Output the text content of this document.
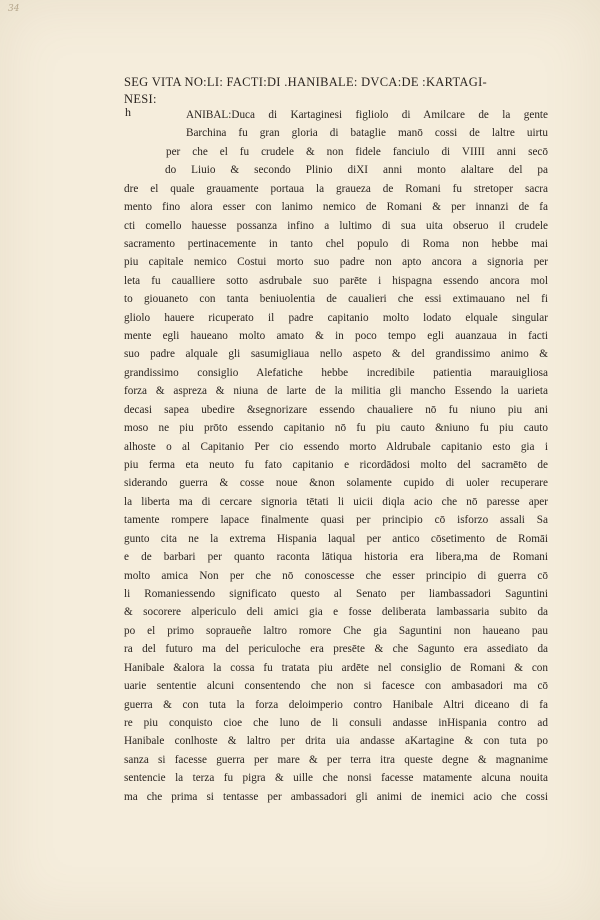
34
SEG VITA NO:LI: FACTI:DI .HANIBALE: DVCA:DE :KARTAGI-
NESI:
h	ANIBAL:Duca di Kartaginesi figliolo di Amilcare de la gente
Barchina fu gran gloria di bataglie manō cossi de laltre uirtu
per che el fu crudele & non fidele fanciulo di VIIII anni secō
do Liuio & secondo Plinio diXI anni monto alaltare del pa
dre el quale grauamente portaua la graueza de Romani fu stretoper sacra
mento fino alora esser con lanimo nemico de Romani & per innanzi de fa
cti comello hauesse possanza infino a lultimo di sua uita obseruo il crudele
sacramento pertinacemente in tanto chel populo di Roma non hebbe mai
piu capitale nemico Costui morto suo padre non apto ancora a signoria per
leta fu caualliere sotto asdrubale suo parēte i hispagna essendo ancora mol
to giouaneto con tanta beniuolentia de caualieri che essi extimauano nel fi
gliolo hauere ricuperato il padre capitanio molto lodato elquale singular
mente egli haueano molto amato & in poco tempo egli auanzaua in facti
suo padre alquale gli sasumigliaua nello aspeto & del grandissimo animo &
grandissimo consiglio Alefatiche hebbe incredibile patientia marauigliosa
forza & aspreza & niuna de larte de la militia gli mancho Essendo la uarieta
decasi sapea ubedire &segnorizare essendo chaualiere nō fu niuno piu ani
moso ne piu prōto essendo capitanio nō fu piu cauto &niuno fu piu cauto
alhoste o al Capitanio Per cio essendo morto Aldrubale capitanio esto gia i
piu ferma eta neuto fu fato capitanio e ricordādosi molto del sacramēto de
siderando guerra & cosse noue &non solamente cupido di uoler recuperare
la liberta ma di cercare signoria tētati li uicii diqla acio che nō paresse aper
tamente rompere lapace finalmente quasi per principio cō isforzo assali Sa
gunto cita ne la extrema Hispania laqual per antico cōsetimento de Romāi
e de barbari per quanto raconta lātiqua historia era libera,ma de Romani
molto amica Non per che nō conoscesse che esser principio di guerra cō
li Romaniessendo significato questo al Senato per liambassadori Saguntini
& socorere alpericulo deli amici gia e fosse deliberata lambassaria subito da
po el primo sopraueñe laltro romore Che gia Saguntini non haueano pau
ra del futuro ma del periculoche era presēte & che Sagunto era assediato da
Hanibale &alora la cossa fu tratata piu ardēte nel consiglio de Romani & con
uarie sententie alcuni consentendo che non si facesce con ambasadori ma cō
guerra & con tuta la forza deloimperio contro Hanibale Altri diceano di fa
re piu conquisto cioe che luno de li consuli andasse inHispania contro ad
Hanibale conlhoste & laltro per drita uia andasse aKartagine & con tuta po
sanza si facesse guerra per mare & per terra itra queste degne & magnanime
sentencie la terza fu pigra & uille che nonsi facesse matamente alcuna nouita
ma che prima si tentasse per ambassadori gli animi de inemici acio che cossi
